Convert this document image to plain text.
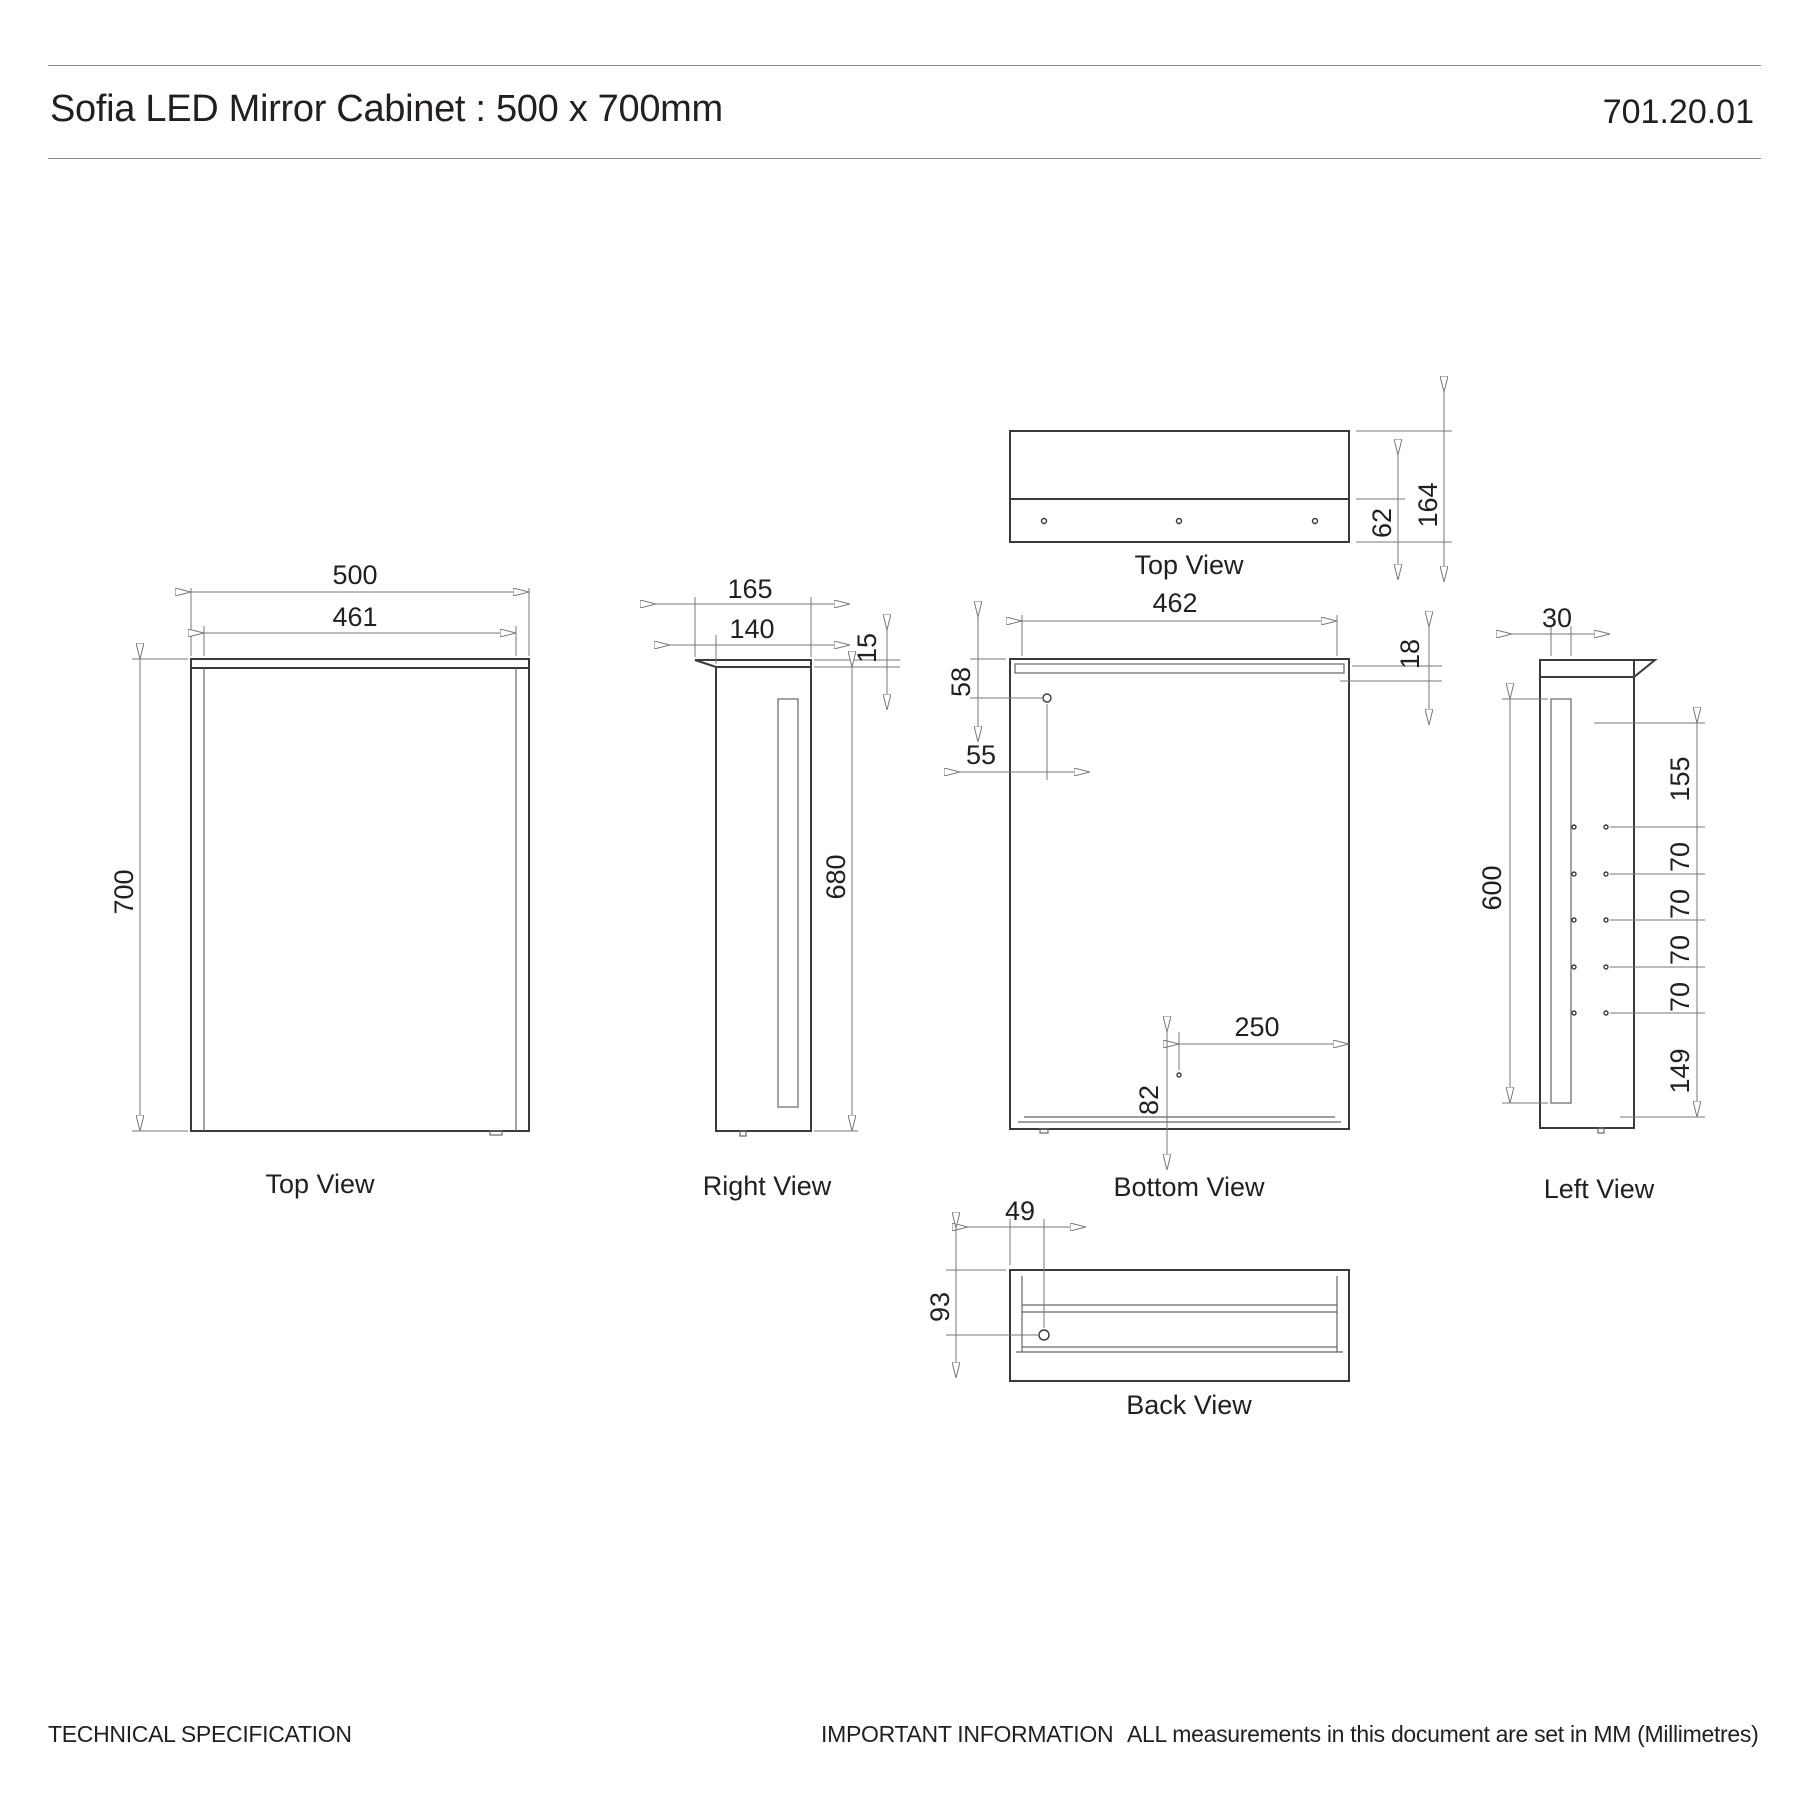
Sofia LED Mirror Cabinet : 500 x 700mm	701.20.01
500
461
700
Top View
165
140
15
680
Right View
62 164
Top View
462
18
58
55
250
82
Bottom View
30
600
155
70
70
70
70
149
Left View
49
93
Back View
TECHNICAL SPECIFICATION	IMPORTANT INFORMATION ALL measurements in this document are set in MM (Millimetres)
